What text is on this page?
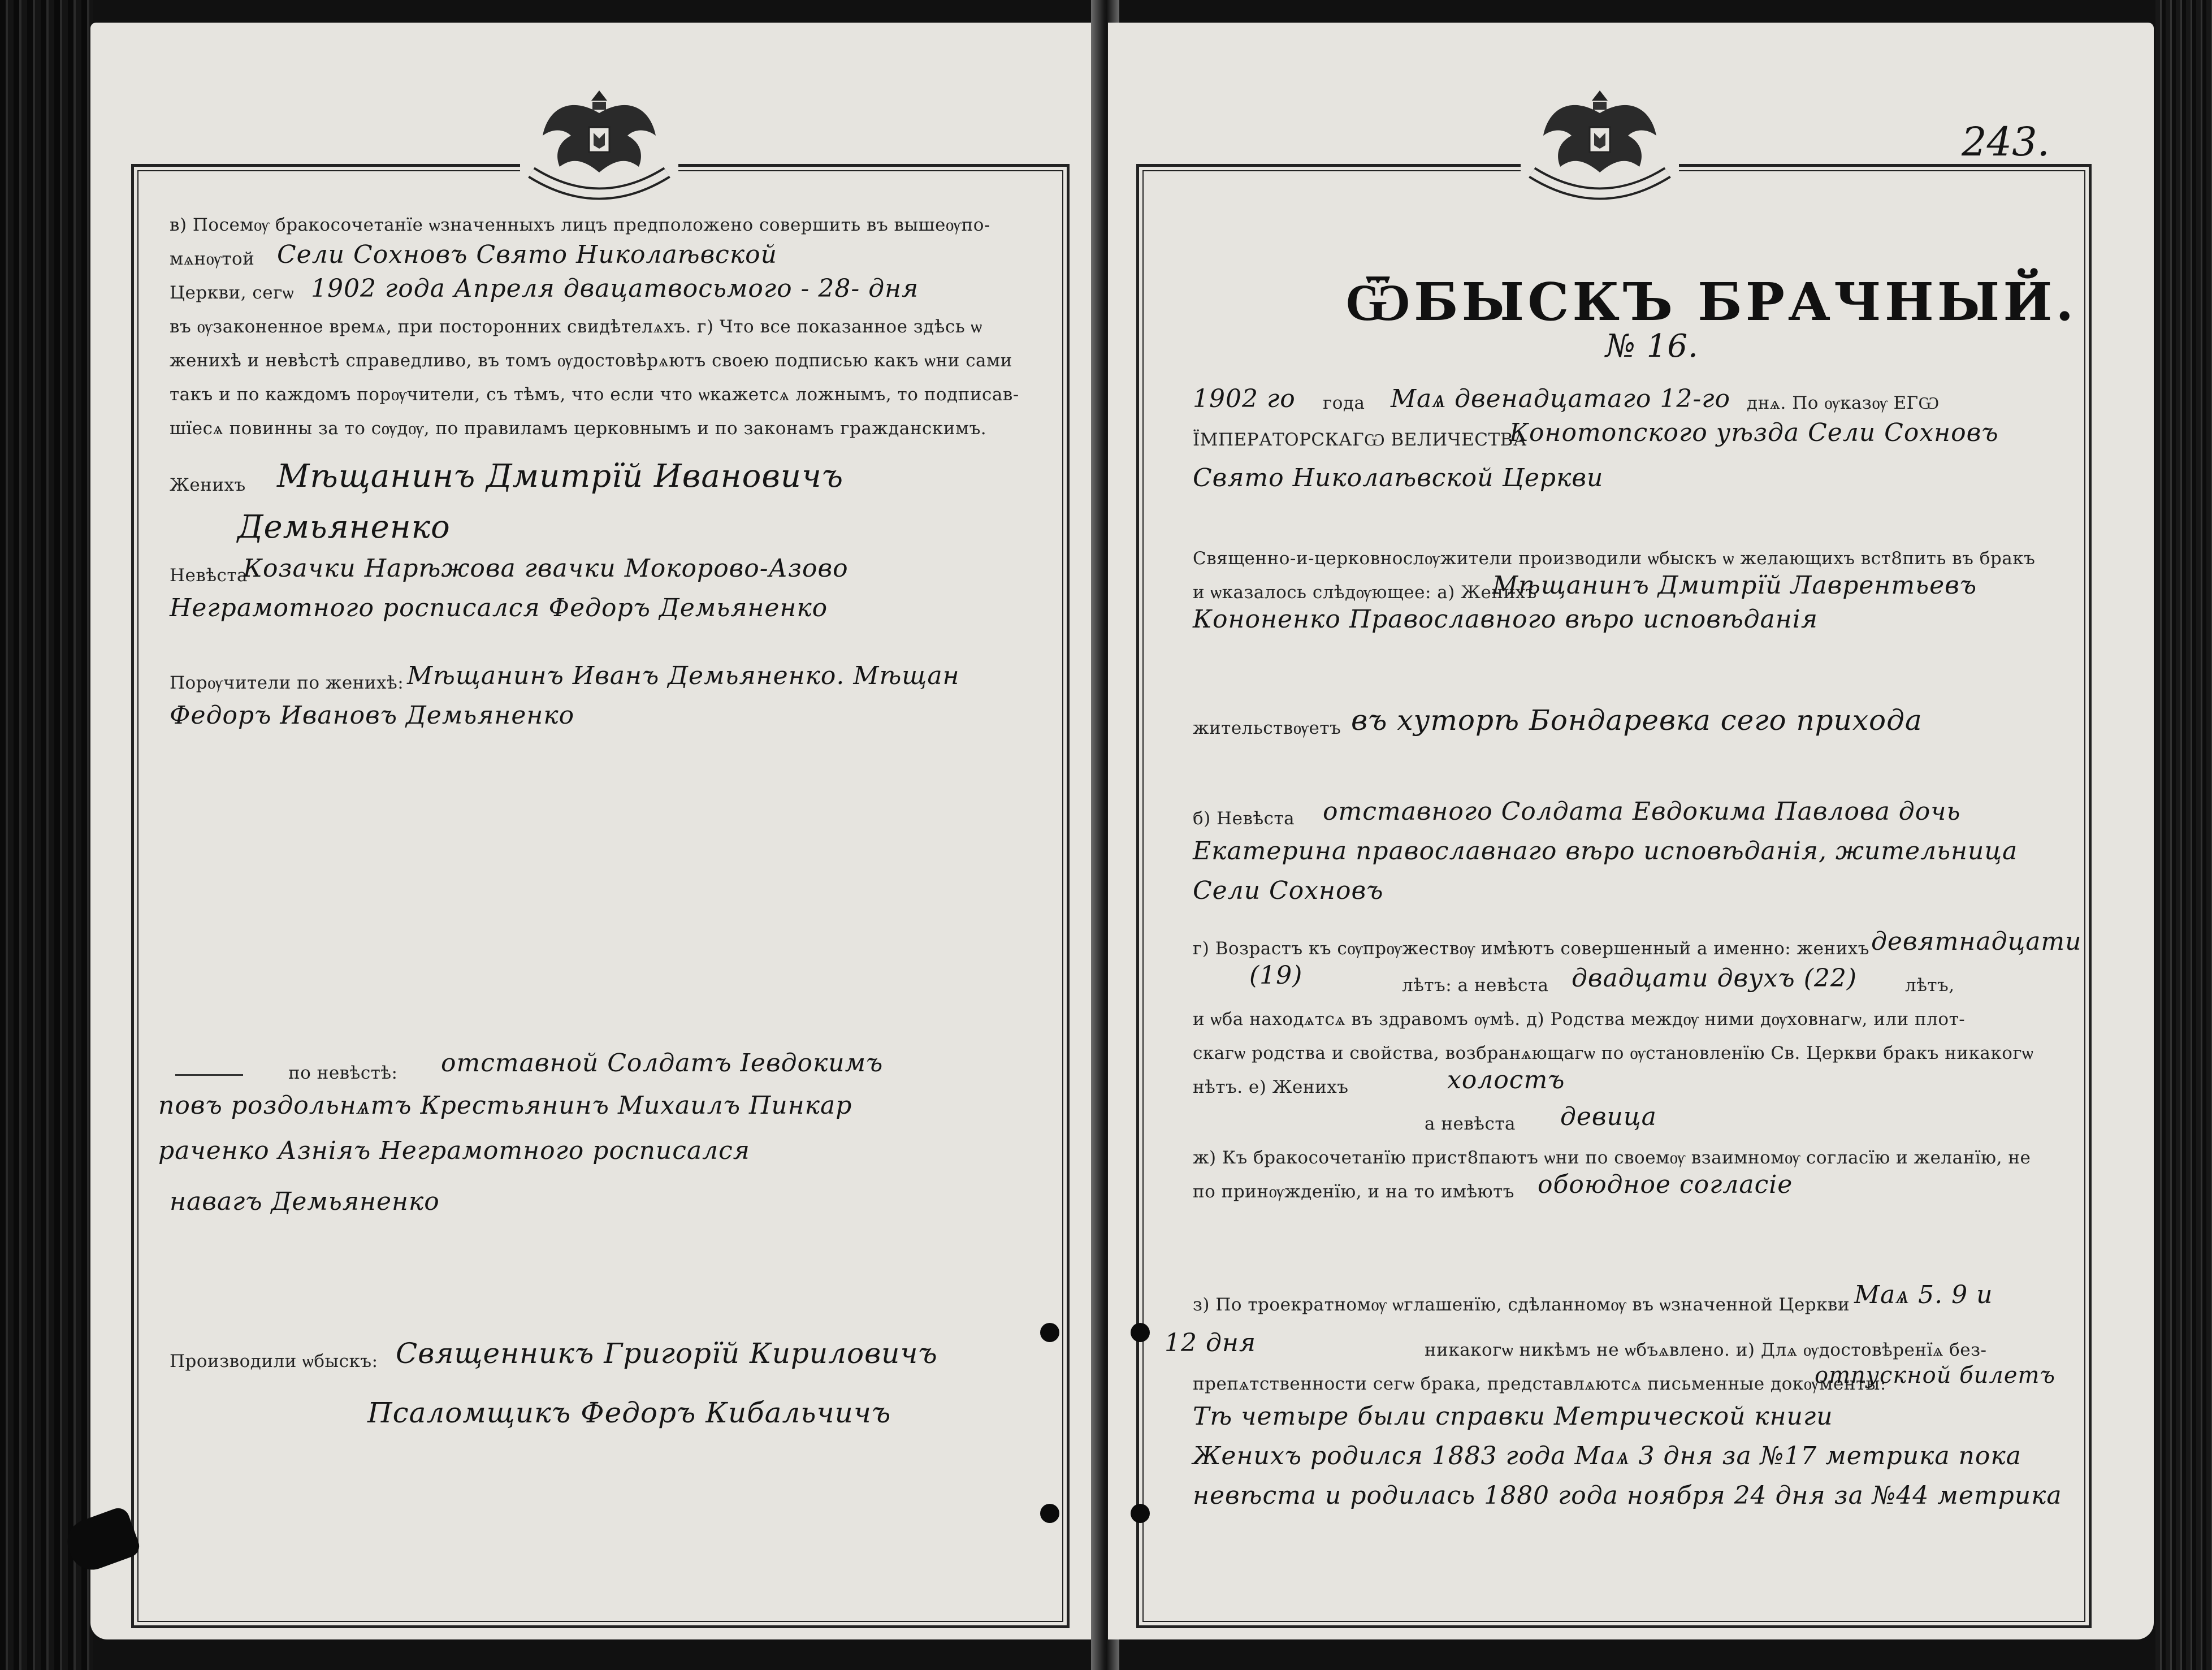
в) Посемѹ бракосочетанїе ѡзначенныхъ лицъ предположено совершить въ вышеѹпо-
мѧнѹтой Сели Сохновъ Свято Николаѣвской
Церкви, сегѡ 1902 года Апреля двацатвосьмого - 28- дня
въ ѹзаконенное времѧ, при посторонних свидѣтелѧхъ. г) Что все показанное здѣсь ѡ
женихѣ и невѣстѣ справедливо, въ томъ ѹдостовѣрѧютъ своею подписью какъ ѡни сами
такъ и по каждомъ порѹчители, съ тѣмъ, что если что ѡкажетсѧ ложнымъ, то подписав-
шїесѧ повинны за то сѹдѹ, по правиламъ церковнымъ и по законамъ гражданскимъ.
Женихъ Мѣщанинъ Дмитрїй Ивановичъ
Демьяненко
Невѣста
Козачки Нарѣжова гвачки Мокорово-Азово
Неграмотного росписался Федоръ Демьяненко
Порѹчители по женихѣ: Мѣщанинъ Иванъ Демьяненко. Мѣщан
Федоръ Ивановъ Демьяненко
по невѣстѣ: отставной Солдатъ Iевдокимъ
повъ роздольнѧтъ Крестьянинъ Михаилъ Пинкар
раченко Азнiяъ Неграмотного росписался
навагъ Демьяненко
Производили ѡбыскъ: Священникъ Григорїй Кириловичъ
Псаломщикъ Федоръ Кибальчичъ
243.
ѾБЫСКЪ БРАЧНЫЙ.
№ 16.
1902 го года Маѧ двенадцатаго 12-го днѧ. По ѹказѹ ЕГѠ
ЇМПЕРАТОРСКАГѠ ВЕЛИЧЕСТВА
Конотопского уѣзда Сели Сохновъ
Свято Николаѣвской Церкви
Священно-и-церковнослѹжители производили ѡбыскъ ѡ желающихъ вст8пить въ бракъ
и ѡказалось слѣдѹющее: а) Женихъ
Мѣщанинъ Дмитрїй Лаврентьевъ
Кононенко Православного вѣро исповѣданiя
жительствѹетъ въ хуторѣ Бондаревка сего прихода
б) Невѣста отставного Солдата Евдокима Павлова дочь
Екатерина православнаго вѣро исповѣданiя, жительница
Сели Сохновъ
г) Возрастъ къ сѹпрѹжествѹ имѣютъ совершенный а именно: женихъ девятнадцати
(19)	лѣтъ: а невѣста двадцати двухъ (22)	лѣтъ,
и ѡба находѧтсѧ въ здравомъ ѹмѣ. д) Родства междѹ ними дѹховнагѡ, или плот-
скагѡ родства и свойства, возбранѧющагѡ по ѹстановленїю Св. Церкви бракъ никакогѡ
нѣтъ. е) Женихъ	холостъ
а невѣста девица
ж) Къ бракосочетанїю прист8паютъ ѡни по своемѹ взаимномѹ согласїю и желанїю, не
по принѹжденїю, и на то имѣютъ обоюдное согласiе
з) По троекратномѹ ѡглашенїю, сдѣланномѹ въ ѡзначенной Церкви Маѧ 5. 9 и
12 дня	никакогѡ никѣмъ не ѡбъѧвлено. и) Длѧ ѹдостовѣренїѧ без-
препѧтственности сегѡ брака, представлѧютсѧ письменные докѹменты:
отпускной билетъ
Тѣ четыре были справки Метрической книги
Женихъ родился 1883 года Маѧ 3 дня за №17 метрика пока
невѣста и родилась 1880 года ноября 24 дня за №44 метрика
